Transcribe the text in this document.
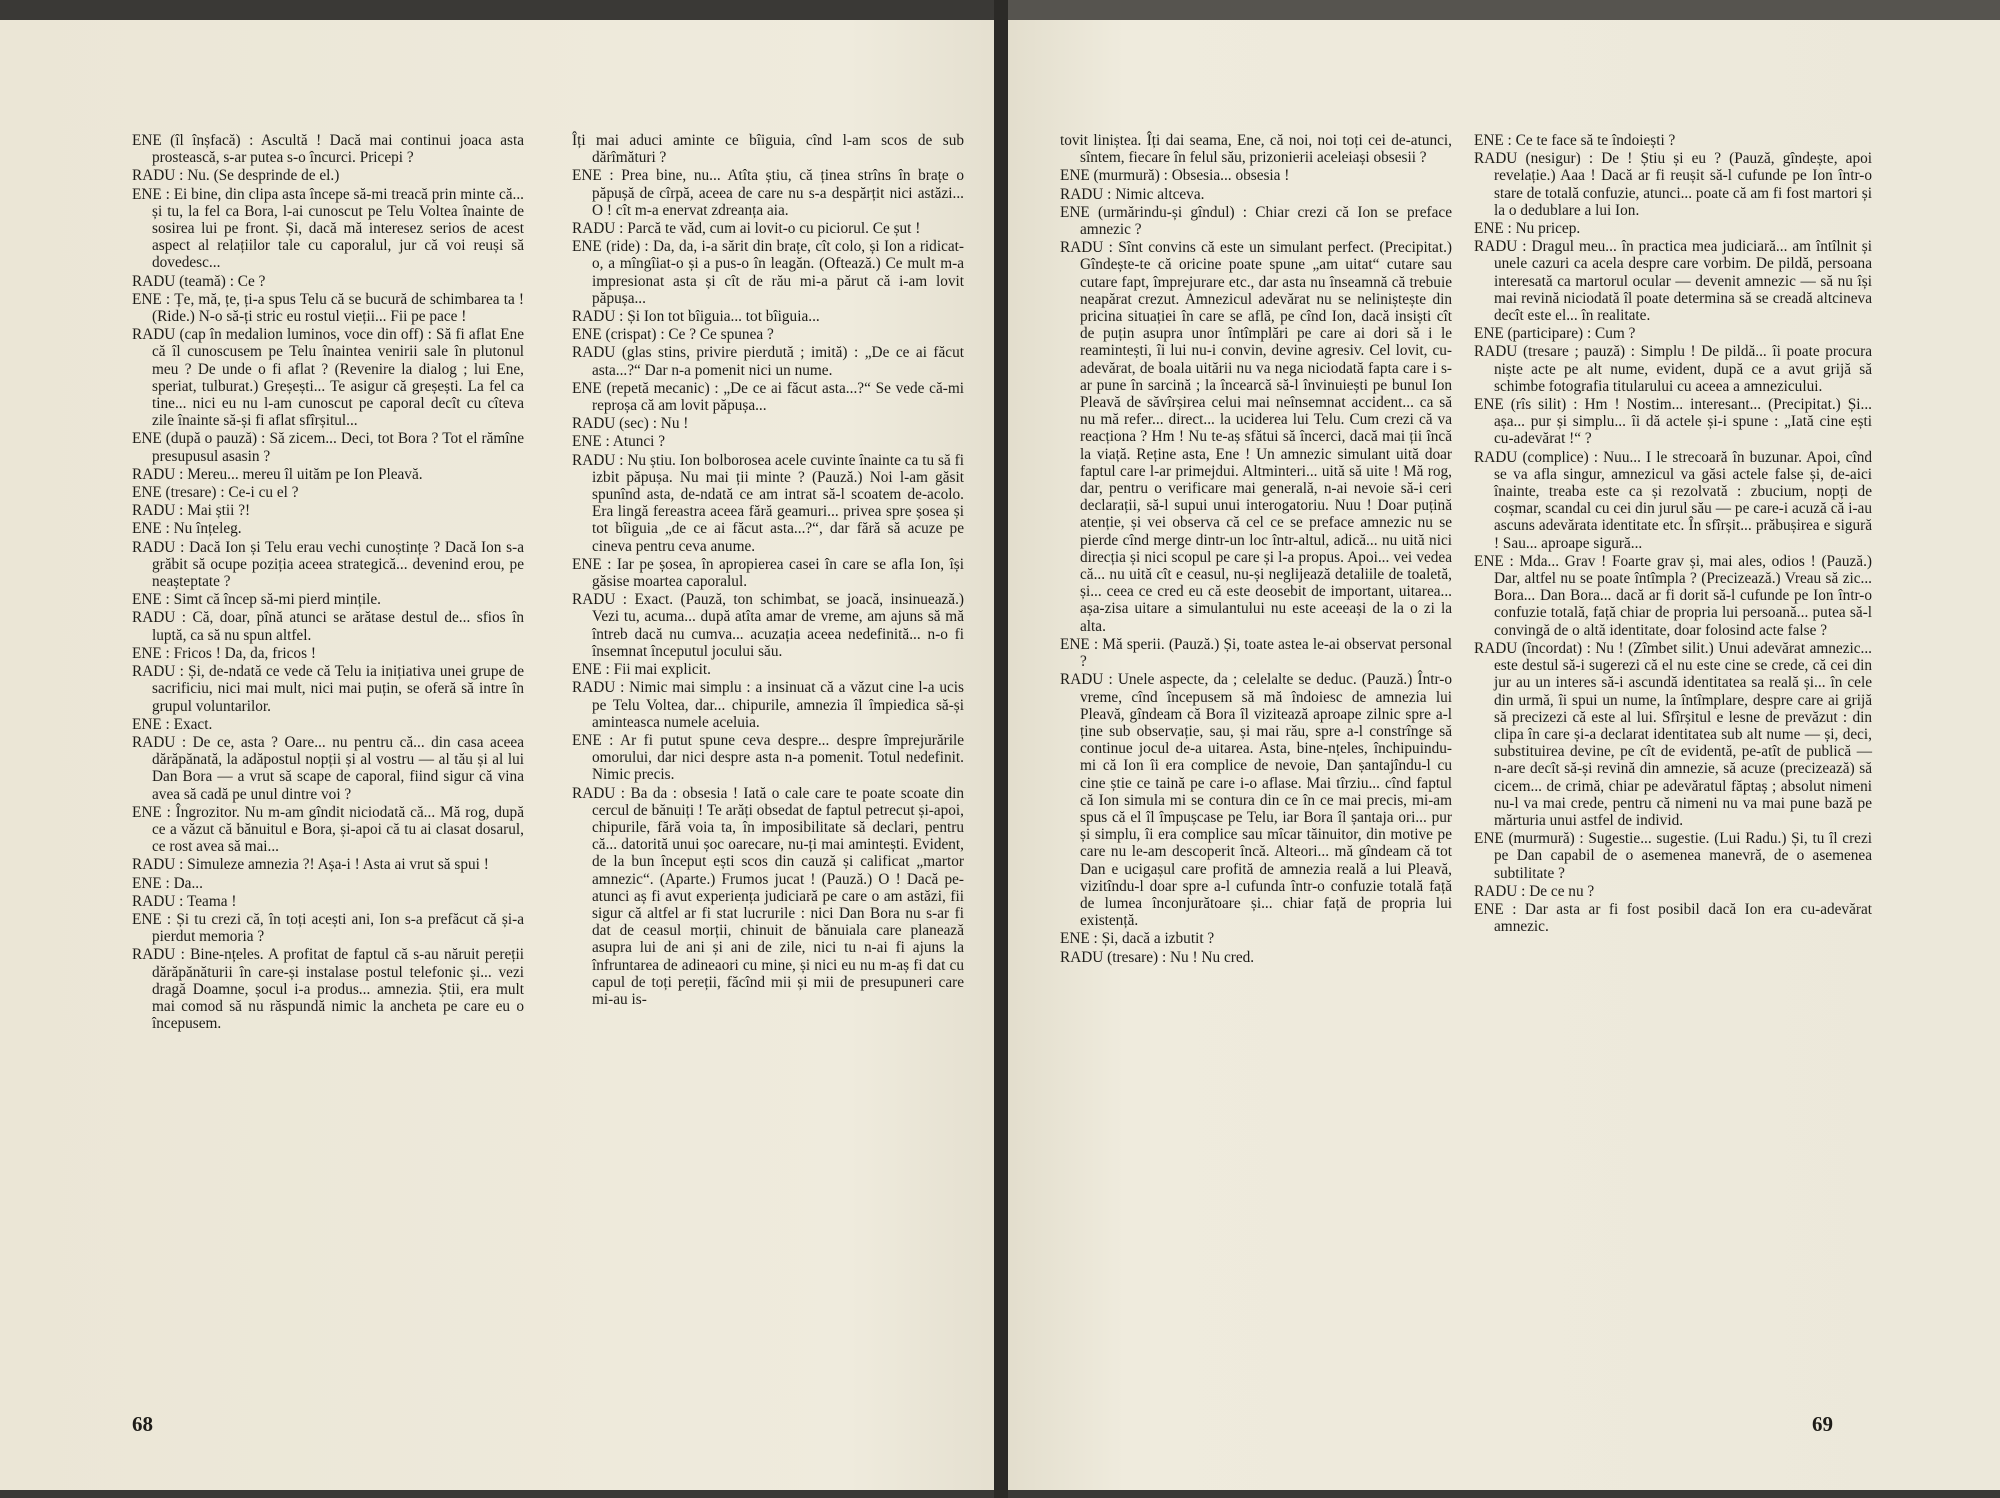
ENE (îl înșfacă) : Ascultă ! Dacă mai continui joaca asta prostească, s-ar putea s-o încurci. Pricepi ?

RADU : Nu. (Se desprinde de el.)

ENE : Ei bine, din clipa asta începe să-mi treacă prin minte că... și tu, la fel ca Bora, l-ai cunoscut pe Telu Voltea înainte de sosirea lui pe front. Și, dacă mă interesez serios de acest aspect al relațiilor tale cu caporalul, jur că voi reuși să dovedesc...

RADU (teamă) : Ce ?

ENE : Țe, mă, țe, ți-a spus Telu că se bucură de schimbarea ta ! (Ride.) N-o să-ți stric eu rostul vieții... Fii pe pace !

RADU (cap în medalion luminos, voce din off) : Să fi aflat Ene că îl cunoscusem pe Telu înaintea venirii sale în plutonul meu ? De unde o fi aflat ? (Revenire la dialog ; lui Ene, speriat, tulburat.) Greșești... Te asigur că greșești. La fel ca tine... nici eu nu l-am cunoscut pe caporal decît cu cîteva zile înainte să-și fi aflat sfîrșitul...

ENE (după o pauză) : Să zicem... Deci, tot Bora ? Tot el rămîne presupusul asasin ?

RADU : Mereu... mereu îl uităm pe Ion Pleavă.

ENE (tresare) : Ce-i cu el ?

RADU : Mai știi ?!

ENE : Nu înțeleg.

RADU : Dacă Ion și Telu erau vechi cunoștințe ? Dacă Ion s-a grăbit să ocupe poziția aceea strategică... devenind erou, pe neașteptate ?

ENE : Simt că încep să-mi pierd mințile.

RADU : Că, doar, pînă atunci se arătase destul de... sfios în luptă, ca să nu spun altfel.

ENE : Fricos ! Da, da, fricos !

RADU : Și, de-ndată ce vede că Telu ia inițiativa unei grupe de sacrificiu, nici mai mult, nici mai puțin, se oferă să intre în grupul voluntarilor.

ENE : Exact.

RADU : De ce, asta ? Oare... nu pentru că... din casa aceea dărăpănată, la adăpostul nopții și al vostru — al tău și al lui Dan Bora — a vrut să scape de caporal, fiind sigur că vina avea să cadă pe unul dintre voi ?

ENE : Îngrozitor. Nu m-am gîndit niciodată că... Mă rog, după ce a văzut că bănuitul e Bora, și-apoi că tu ai clasat dosarul, ce rost avea să mai...

RADU : Simuleze amnezia ?! Așa-i ! Asta ai vrut să spui !

ENE : Da...

RADU : Teama !

ENE : Și tu crezi că, în toți acești ani, Ion s-a prefăcut că și-a pierdut memoria ?

RADU : Bine-nțeles. A profitat de faptul că s-au năruit pereții dărăpănăturii în care-și instalase postul telefonic și... vezi dragă Doamne, șocul i-a produs... amnezia. Știi, era mult mai comod să nu răspundă nimic la ancheta pe care eu o începusem.

Îți mai aduci aminte ce bîiguia, cînd l-am scos de sub dărîmături ?

ENE : Prea bine, nu... Atîta știu, că ținea strîns în brațe o păpușă de cîrpă, aceea de care nu s-a despărțit nici astăzi... O ! cît m-a enervat zdreanța aia.

RADU : Parcă te văd, cum ai lovit-o cu piciorul. Ce șut !

ENE (ride) : Da, da, i-a sărit din brațe, cît colo, și Ion a ridicat-o, a mîngîiat-o și a pus-o în leagăn. (Oftează.) Ce mult m-a impresionat asta și cît de rău mi-a părut că i-am lovit păpușa...

RADU : Și Ion tot bîiguia... tot bîiguia...

ENE (crispat) : Ce ? Ce spunea ?

RADU (glas stins, privire pierdută ; imită) : „De ce ai făcut asta...?“ Dar n-a pomenit nici un nume.

ENE (repetă mecanic) : „De ce ai făcut asta...?“ Se vede că-mi reproșa că am lovit păpușa...

RADU (sec) : Nu !

ENE : Atunci ?

RADU : Nu știu. Ion bolborosea acele cuvinte înainte ca tu să fi izbit păpușa. Nu mai ții minte ? (Pauză.) Noi l-am găsit spunînd asta, de-ndată ce am intrat să-l scoatem de-acolo. Era lingă fereastra aceea fără geamuri... privea spre șosea și tot bîiguia „de ce ai făcut asta...?“, dar fără să acuze pe cineva pentru ceva anume.

ENE : Iar pe șosea, în apropierea casei în care se afla Ion, își găsise moartea caporalul.

RADU : Exact. (Pauză, ton schimbat, se joacă, insinuează.) Vezi tu, acuma... după atîta amar de vreme, am ajuns să mă întreb dacă nu cumva... acuzația aceea nedefinită... n-o fi însemnat începutul jocului său.

ENE : Fii mai explicit.

RADU : Nimic mai simplu : a insinuat că a văzut cine l-a ucis pe Telu Voltea, dar... chipurile, amnezia îl împiedica să-și aminteasca numele aceluia.

ENE : Ar fi putut spune ceva despre... despre împrejurările omorului, dar nici despre asta n-a pomenit. Totul nedefinit. Nimic precis.

RADU : Ba da : obsesia ! Iată o cale care te poate scoate din cercul de bănuiți ! Te arăți obsedat de faptul petrecut și-apoi, chipurile, fără voia ta, în imposibilitate să declari, pentru că... datorită unui șoc oarecare, nu-ți mai amintești. Evident, de la bun început ești scos din cauză și calificat „martor amnezic“. (Aparte.) Frumos jucat ! (Pauză.) O ! Dacă pe-atunci aș fi avut experiența judiciară pe care o am astăzi, fii sigur că altfel ar fi stat lucrurile : nici Dan Bora nu s-ar fi dat de ceasul morții, chinuit de bănuiala care planează asupra lui de ani și ani de zile, nici tu n-ai fi ajuns la înfruntarea de adineaori cu mine, și nici eu nu m-aș fi dat cu capul de toți pereții, făcînd mii și mii de presupuneri care mi-au is-

68

tovit liniștea. Îți dai seama, Ene, că noi, noi toți cei de-atunci, sîntem, fiecare în felul său, prizonierii aceleiași obsesii ?

ENE (murmură) : Obsesia... obsesia !

RADU : Nimic altceva.

ENE (urmărindu-și gîndul) : Chiar crezi că Ion se preface amnezic ?

RADU : Sînt convins că este un simulant perfect. (Precipitat.) Gîndește-te că oricine poate spune „am uitat“ cutare sau cutare fapt, împrejurare etc., dar asta nu înseamnă că trebuie neapărat crezut. Amnezicul adevărat nu se neliniștește din pricina situației în care se află, pe cînd Ion, dacă insiști cît de puțin asupra unor întîmplări pe care ai dori să i le reamintești, îi lui nu-i convin, devine agresiv. Cel lovit, cu-adevărat, de boala uitării nu va nega niciodată fapta care i s-ar pune în sarcină ; la încearcă să-l învinuiești pe bunul Ion Pleavă de săvîrșirea celui mai neînsemnat accident... ca să nu mă refer... direct... la uciderea lui Telu. Cum crezi că va reacționa ? Hm ! Nu te-aș sfătui să încerci, dacă mai ții încă la viață. Reține asta, Ene ! Un amnezic simulant uită doar faptul care l-ar primejdui. Altminteri... uită să uite ! Mă rog, dar, pentru o verificare mai generală, n-ai nevoie să-i ceri declarații, să-l supui unui interogatoriu. Nuu ! Doar puțină atenție, și vei observa că cel ce se preface amnezic nu se pierde cînd merge dintr-un loc într-altul, adică... nu uită nici direcția și nici scopul pe care și l-a propus. Apoi... vei vedea că... nu uită cît e ceasul, nu-și neglijează detaliile de toaletă, și... ceea ce cred eu că este deosebit de important, uitarea... așa-zisa uitare a simulantului nu este aceeași de la o zi la alta.

ENE : Mă sperii. (Pauză.) Și, toate astea le-ai observat personal ?

RADU : Unele aspecte, da ; celelalte se deduc. (Pauză.) Într-o vreme, cînd începusem să mă îndoiesc de amnezia lui Pleavă, gîndeam că Bora îl vizitează aproape zilnic spre a-l ține sub observație, sau, și mai rău, spre a-l constrînge să continue jocul de-a uitarea. Asta, bine-nțeles, închipuindu-mi că Ion îi era complice de nevoie, Dan șantajîndu-l cu cine știe ce taină pe care i-o aflase. Mai tîrziu... cînd faptul că Ion simula mi se contura din ce în ce mai precis, mi-am spus că el îl împușcase pe Telu, iar Bora îl șantaja ori... pur și simplu, îi era complice sau mîcar tăinuitor, din motive pe care nu le-am descoperit încă. Alteori... mă gîndeam că tot Dan e ucigașul care profită de amnezia reală a lui Pleavă, vizitîndu-l doar spre a-l cufunda într-o confuzie totală față de lumea înconjurătoare și... chiar față de propria lui existență.

ENE : Și, dacă a izbutit ?

RADU (tresare) : Nu ! Nu cred.

ENE : Ce te face să te îndoiești ?

RADU (nesigur) : De ! Știu și eu ? (Pauză, gîndește, apoi revelație.) Aaa ! Dacă ar fi reușit să-l cufunde pe Ion într-o stare de totală confuzie, atunci... poate că am fi fost martori și la o dedublare a lui Ion.

ENE : Nu pricep.

RADU : Dragul meu... în practica mea judiciară... am întîlnit și unele cazuri ca acela despre care vorbim. De pildă, persoana interesată ca martorul ocular — devenit amnezic — să nu își mai revină niciodată îl poate determina să se creadă altcineva decît este el... în realitate.

ENE (participare) : Cum ?

RADU (tresare ; pauză) : Simplu ! De pildă... îi poate procura niște acte pe alt nume, evident, după ce a avut grijă să schimbe fotografia titularului cu aceea a amnezicului.

ENE (rîs silit) : Hm ! Nostim... interesant... (Precipitat.) Și... așa... pur și simplu... îi dă actele și-i spune : „Iată cine ești cu-adevărat !“ ?

RADU (complice) : Nuu... I le strecoară în buzunar. Apoi, cînd se va afla singur, amnezicul va găsi actele false și, de-aici înainte, treaba este ca și rezolvată : zbucium, nopți de coșmar, scandal cu cei din jurul său — pe care-i acuză că i-au ascuns adevărata identitate etc. În sfîrșit... prăbușirea e sigură ! Sau... aproape sigură...

ENE : Mda... Grav ! Foarte grav și, mai ales, odios ! (Pauză.) Dar, altfel nu se poate întîmpla ? (Precizează.) Vreau să zic... Bora... Dan Bora... dacă ar fi dorit să-l cufunde pe Ion într-o confuzie totală, față chiar de propria lui persoană... putea să-l convingă de o altă identitate, doar folosind acte false ?

RADU (încordat) : Nu ! (Zîmbet silit.) Unui adevărat amnezic... este destul să-i sugerezi că el nu este cine se crede, că cei din jur au un interes să-i ascundă identitatea sa reală și... în cele din urmă, îi spui un nume, la întîmplare, despre care ai grijă să precizezi că este al lui. Sfîrșitul e lesne de prevăzut : din clipa în care și-a declarat identitatea sub alt nume — și, deci, substituirea devine, pe cît de evidentă, pe-atît de publică — n-are decît să-și revină din amnezie, să acuze (precizează) să cicem... de crimă, chiar pe adevăratul făptaș ; absolut nimeni nu-l va mai crede, pentru că nimeni nu va mai pune bază pe mărturia unui astfel de individ.

ENE (murmură) : Sugestie... sugestie. (Lui Radu.) Și, tu îl crezi pe Dan capabil de o asemenea manevră, de o asemenea subtilitate ?

RADU : De ce nu ?

ENE : Dar asta ar fi fost posibil dacă Ion era cu-adevărat amnezic.

69
